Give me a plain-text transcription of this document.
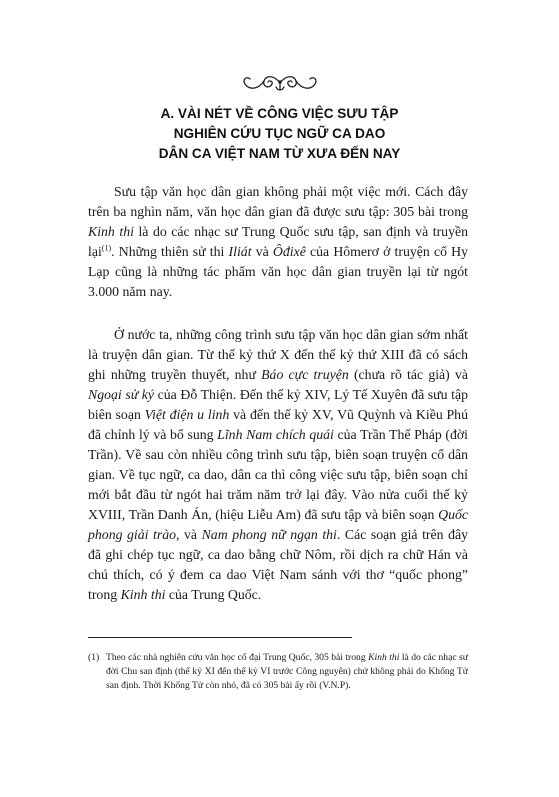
A. VÀI NÉT VỀ CÔNG VIỆC SƯU TẬP
NGHIÊN CỨU TỤC NGỮ CA DAO
DÂN CA VIỆT NAM TỪ XƯA ĐẾN NAY

Sưu tập văn học dân gian không phải một việc mới. Cách đây trên ba nghìn năm, văn học dân gian đã được sưu tập: 305 bài trong Kinh thi là do các nhạc sư Trung Quốc sưu tập, san định và truyền lại$^{(1)}$. Những thiên sử thi Iliát và Ôđixê của Hômerơ ở truyện cổ Hy Lạp cũng là những tác phẩm văn học dân gian truyền lại từ ngót 3.000 năm nay.

Ở nước ta, những công trình sưu tập văn học dân gian sớm nhất là truyện dân gian. Từ thế kỷ thứ X đến thế kỷ thứ XIII đã có sách ghi những truyền thuyết, như Báo cực truyện (chưa rõ tác giả) và Ngoại sử ký của Đỗ Thiện. Đến thế kỷ XIV, Lý Tế Xuyên đã sưu tập biên soạn Việt điện u linh và đến thế kỷ XV, Vũ Quỳnh và Kiều Phú đã chỉnh lý và bổ sung Lĩnh Nam chích quái của Trần Thế Pháp (đời Trần). Về sau còn nhiều công trình sưu tập, biên soạn truyện cổ dân gian. Về tục ngữ, ca dao, dân ca thì công việc sưu tập, biên soạn chỉ mới bắt đầu từ ngót hai trăm năm trở lại đây. Vào nửa cuối thế kỷ XVIII, Trần Danh Án, (hiệu Liễu Am) đã sưu tập và biên soạn Quốc phong giải trào, và Nam phong nữ ngạn thi. Các soạn giả trên đây đã ghi chép tục ngữ, ca dao bằng chữ Nôm, rồi dịch ra chữ Hán và chú thích, có ý đem ca dao Việt Nam sánh với thơ “quốc phong” trong Kinh thi của Trung Quốc.

(1) Theo các nhà nghiên cứu văn học cổ đại Trung Quốc, 305 bài trong Kinh thi là do các nhạc sư đời Chu san định (thế kỷ XI đến thế kỷ VI trước Công nguyên) chứ không phải do Khổng Tử san định. Thời Khổng Tử còn nhỏ, đã có 305 bài ấy rồi (V.N.P).
